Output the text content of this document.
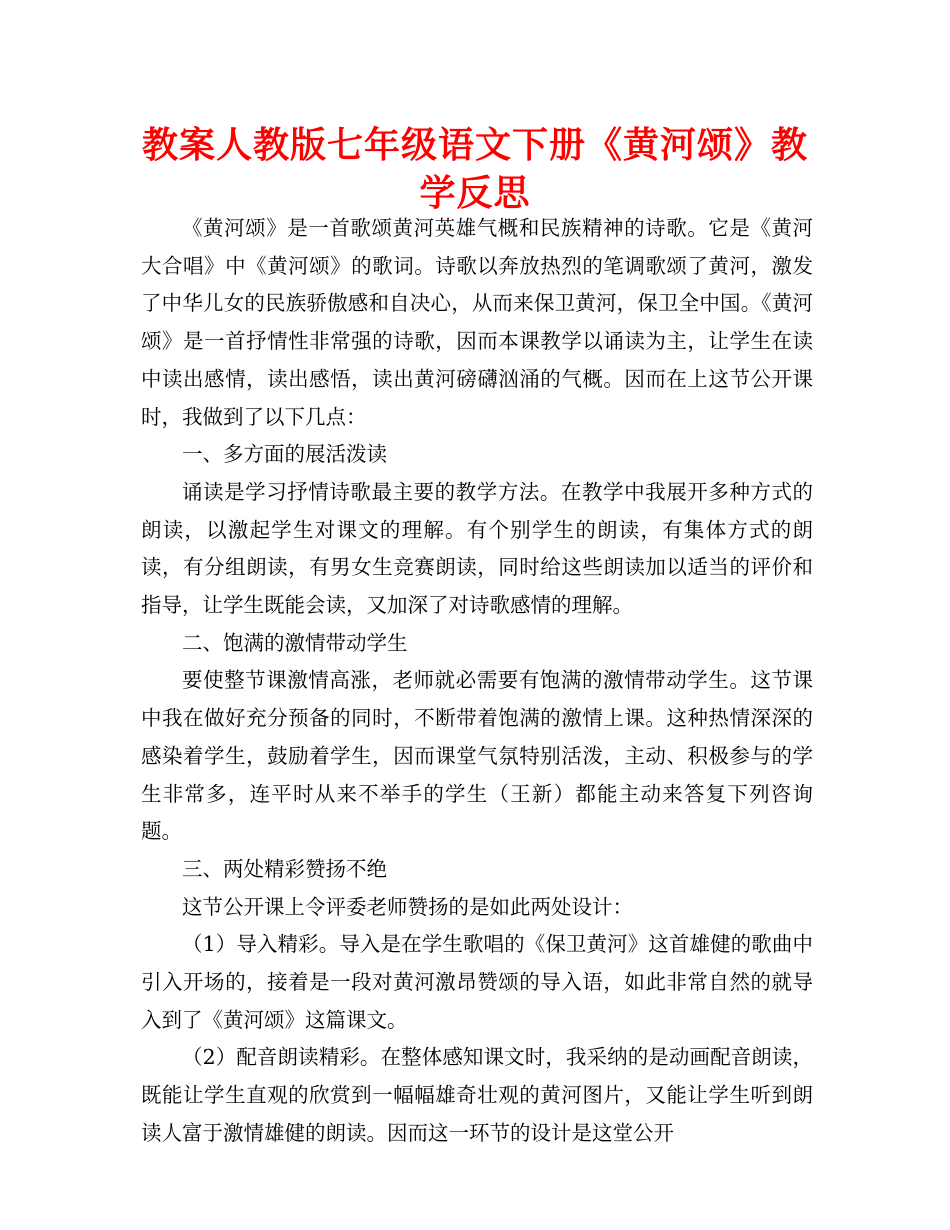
教案人教版七年级语文下册《黄河颂》教学反思

《黄河颂》是一首歌颂黄河英雄气概和民族精神的诗歌。它是《黄河大合唱》中《黄河颂》的歌词。诗歌以奔放热烈的笔调歌颂了黄河，激发了中华儿女的民族骄傲感和自决心，从而来保卫黄河，保卫全中国。《黄河颂》是一首抒情性非常强的诗歌，因而本课教学以诵读为主，让学生在读中读出感情，读出感悟，读出黄河磅礴汹涌的气概。因而在上这节公开课时，我做到了以下几点：

一、多方面的展活泼读

诵读是学习抒情诗歌最主要的教学方法。在教学中我展开多种方式的朗读，以激起学生对课文的理解。有个别学生的朗读，有集体方式的朗读，有分组朗读，有男女生竞赛朗读，同时给这些朗读加以适当的评价和指导，让学生既能会读，又加深了对诗歌感情的理解。

二、饱满的激情带动学生

要使整节课激情高涨，老师就必需要有饱满的激情带动学生。这节课中我在做好充分预备的同时，不断带着饱满的激情上课。这种热情深深的感染着学生，鼓励着学生，因而课堂气氛特别活泼，主动、积极参与的学生非常多，连平时从来不举手的学生（王新）都能主动来答复下列咨询题。

三、两处精彩赞扬不绝

这节公开课上令评委老师赞扬的是如此两处设计：

（1）导入精彩。导入是在学生歌唱的《保卫黄河》这首雄健的歌曲中引入开场的，接着是一段对黄河激昂赞颂的导入语，如此非常自然的就导入到了《黄河颂》这篇课文。

（2）配音朗读精彩。在整体感知课文时，我采纳的是动画配音朗读，既能让学生直观的欣赏到一幅幅雄奇壮观的黄河图片，又能让学生听到朗读人富于激情雄健的朗读。因而这一环节的设计是这堂公开
